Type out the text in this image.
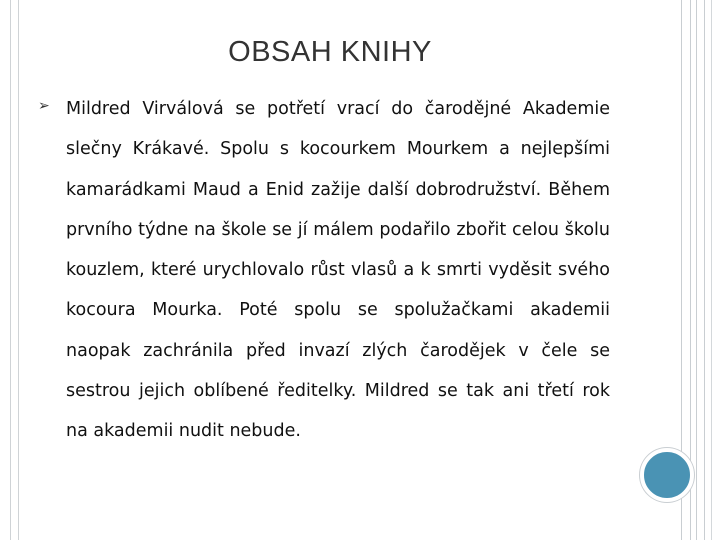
OBSAH KNIHY
➢ Mildred Virválová se potřetí vrací do čarodějné Akademie slečny Krákavé. Spolu s kocourkem Mourkem a nejlepšími kamarádkami Maud a Enid zažije další dobrodružství. Během prvního týdne na škole se jí málem podařilo zbořit celou školu kouzlem, které urychlovalo růst vlasů a k smrti vyděsit svého kocoura Mourka. Poté spolu se spolužačkami akademii naopak zachránila před invazí zlých čarodějek v čele se sestrou jejich oblíbené ředitelky. Mildred se tak ani třetí rok na akademii nudit nebude.
